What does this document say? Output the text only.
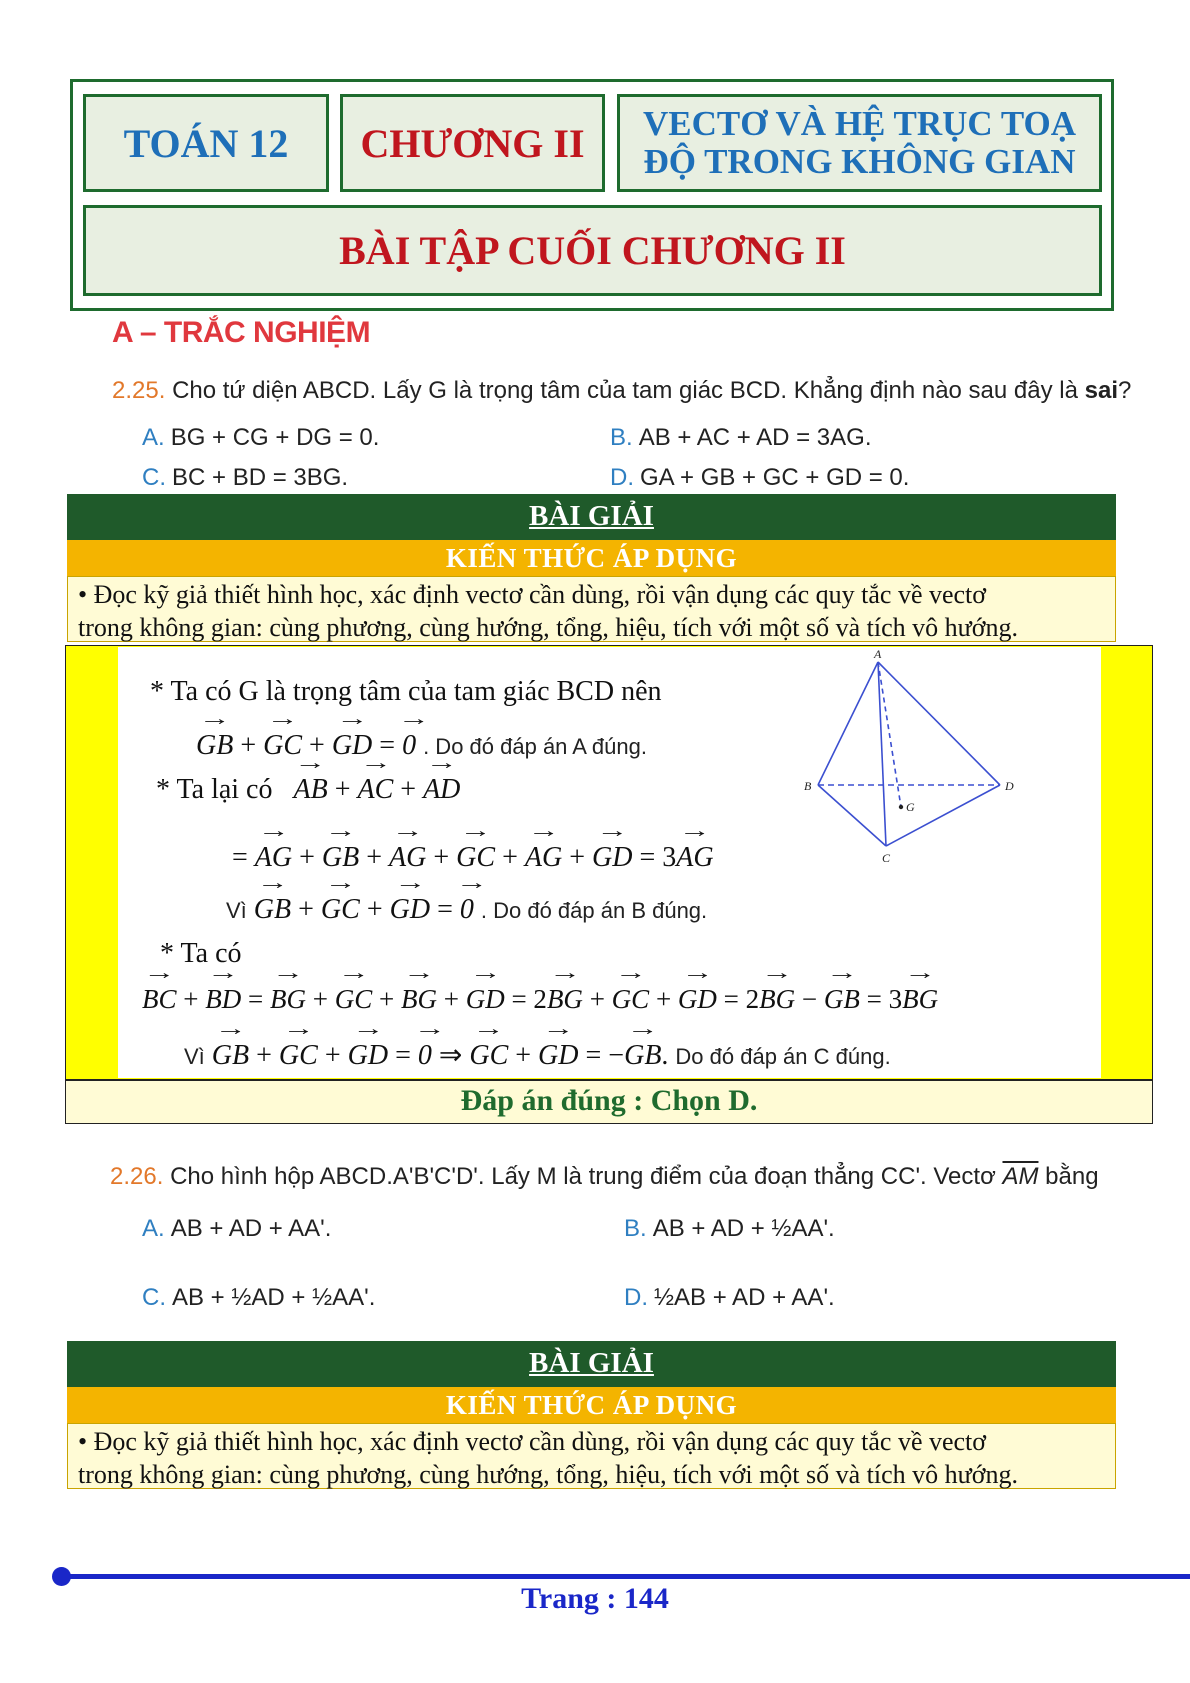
TOÁN 12	CHƯƠNG II	VECTƠ VÀ HỆ TRỤC TOẠ
ĐỘ TRONG KHÔNG GIAN
BÀI TẬP CUỐI CHƯƠNG II
A – TRẮC NGHIỆM
2.25. Cho tứ diện ABCD. Lấy G là trọng tâm của tam giác BCD. Khẳng định nào sau đây là sai?
A. BG + CG + DG = 0.	B. AB + AC + AD = 3AG.
C. BC + BD = 3BG.	D. GA + GB + GC + GD = 0.
BÀI GIẢI
KIẾN THỨC ÁP DỤNG
• Đọc kỹ giả thiết hình học, xác định vectơ cần dùng, rồi vận dụng các quy tắc về vectơ
trong không gian: cùng phương, cùng hướng, tổng, hiệu, tích với một số và tích vô hướng.
* Ta có G là trọng tâm của tam giác BCD nên
→ GB + → GC + → GD = → 0 . Do đó đáp án A đúng.
* Ta lại có → AB + → AC + → AD
= → AG + → GB + → AG + → GC + → AG + → GD = 3→ AG
Vì → GB + → GC + → GD = → 0 . Do đó đáp án B đúng.
* Ta có
→ BC + → BD = → BG + → GC + → BG + → GD = 2→ BG + → GC + → GD = 2→ BG − → GB = 3→ BG
Vì → GB + → GC + → GD = → 0 ⇒ → GC + → GD = −→ GB. Do đó đáp án C đúng.
A
B
C
D
G
Đáp án đúng : Chọn D.
2.26. Cho hình hộp ABCD.A'B'C'D'. Lấy M là trung điểm của đoạn thẳng CC'. Vectơ $\overline{AM}$ bằng
A. AB + AD + AA'.	B. AB + AD + ½AA'.
C. AB + ½AD + ½AA'.	D. ½AB + AD + AA'.
BÀI GIẢI
KIẾN THỨC ÁP DỤNG
• Đọc kỹ giả thiết hình học, xác định vectơ cần dùng, rồi vận dụng các quy tắc về vectơ
trong không gian: cùng phương, cùng hướng, tổng, hiệu, tích với một số và tích vô hướng.
Trang : 144
